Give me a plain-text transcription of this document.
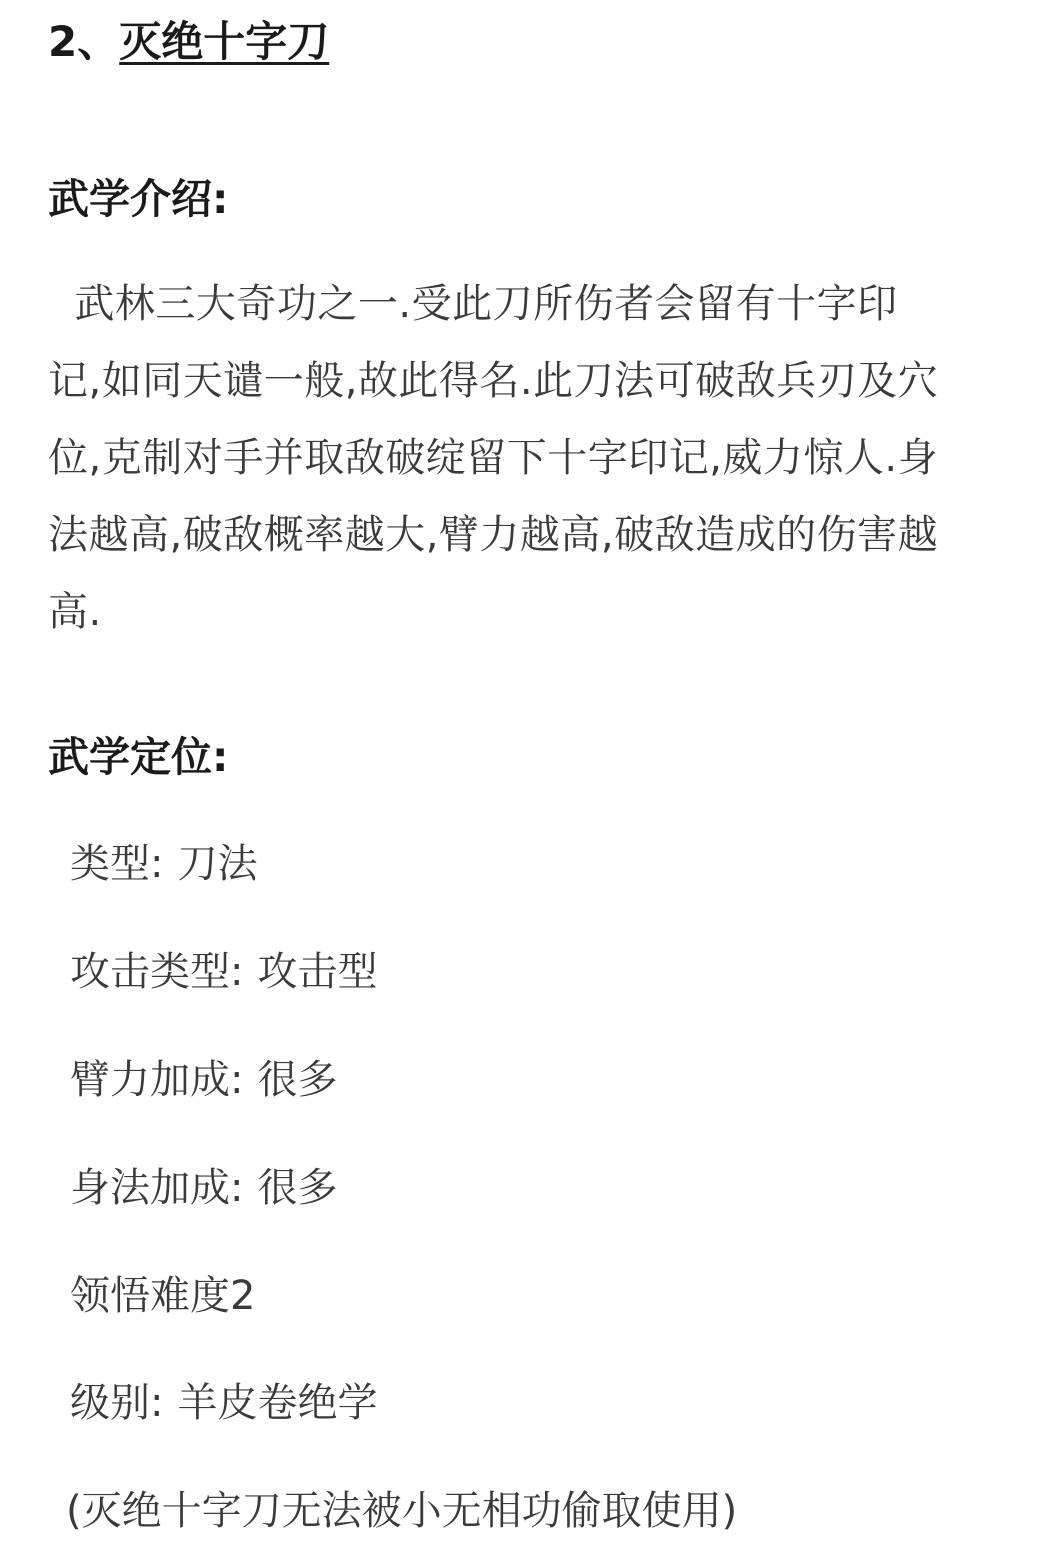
2、灭绝十字刀
武学介绍:

武林三大奇功之一.受此刀所伤者会留有十字印

记,如同天谴一般,故此得名.此刀法可破敌兵刃及穴

位,克制对手并取敌破绽留下十字印记,威力惊人.身

法越高,破敌概率越大,臂力越高,破敌造成的伤害越

高.

武学定位:
类型: 刀法
攻击类型: 攻击型
臂力加成: 很多
身法加成: 很多
领悟难度2
级别: 羊皮卷绝学
(灭绝十字刀无法被小无相功偷取使用)
